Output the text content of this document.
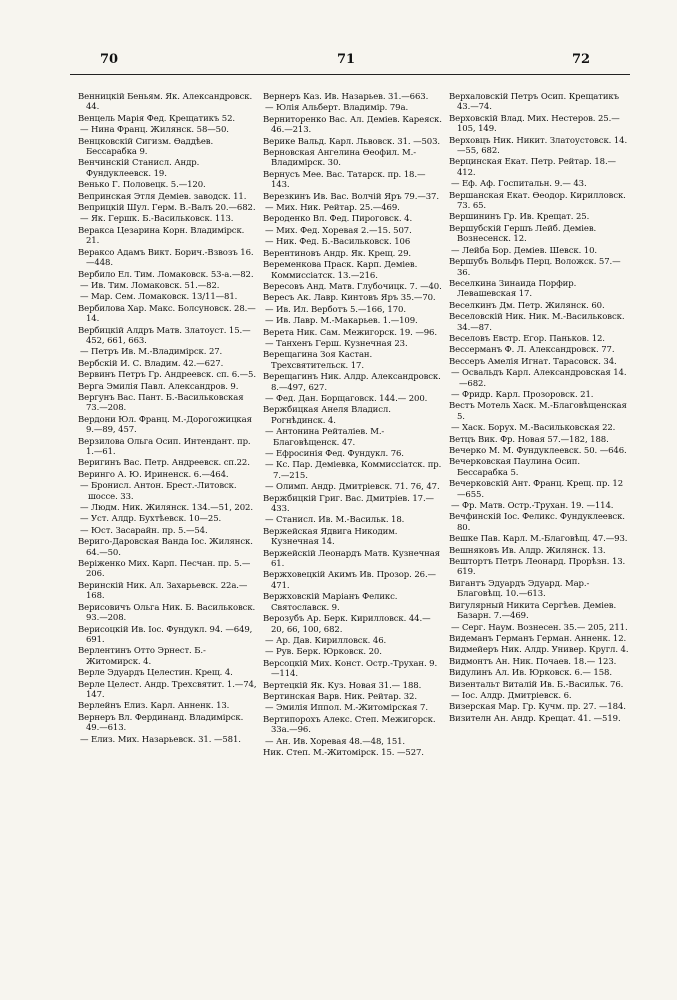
70	71	72
Венницкій Беньям. Як. Александровск. 44.
Венцель Марія Фед. Крещатикъ 52.
— Нина Франц. Жилянск. 58—50.
Венцковскій Сигизм. Ѳаддѣев. Бессарабка 9.
Венчинскій Станисл. Андр. Фундуклеевск. 19.
Венько Г. Половецк. 5.—120.
Вепринская Этля Деміев. заводск. 11.
Веприцкій Шул. Герм. В.-Валъ 20.—682.
— Як. Гершк. Б.-Васильковск. 113.
Верaкса Цезарина Корн. Владимірск. 21.
Вераксо Адамъ Викт. Борич.-Взвозъ 16.—448.
Вербило Ел. Тим. Ломаковск. 53-а.—82.
— Ив. Тим. Ломаковск. 51.—82.
— Мар. Сем. Ломаковск. 13/11—81.
Вербилова Хар. Макс. Болсуновск. 28.—14.
Вербицкій Алдръ Матв. Златоуст. 15.—452, 661, 663.
— Петръ Ив. М.-Владимірск. 27.
Вербскій И. С. Владим. 42.—627.
Вервинъ Петръ Гр. Андреевск. сп. 6.—5.
Верга Эмилія Павл. Александров. 9.
Вергунъ Вас. Пант. Б.-Васильковская 73.—208.
Вердони Юл. Франц. М.-Дорогожицкая 9.—89, 457.
Верзилова Ольга Осип. Интендант. пр. 1.—61.
Веригинъ Вас. Петр. Андреевск. сп.22.
Веринго А. Ю. Ириненск. 6.—464.
— Бронисл. Антон. Брест.-Литовск. шоссе. 33.
— Людм. Ник. Жилянск. 134.—51, 202.
— Уст. Алдр. Бухтѣевск. 10—25.
— Юст. Засарайн. пр. 5.—54.
Вериго-Даровская Ванда Іос. Жилянск. 64.—50.
Веріженко Мих. Карп. Песчан. пр. 5.—206.
Веринскій Ник. Ал. Захарьевск. 22а.—168.
Верисовичъ Ольга Ник. Б. Васильковск. 93.—208.
Верисоцкій Ив. Іос. Фундукл. 94. —649, 691.
Верлентинъ Отто Эрнест. Б.-Житомирск. 4.
Верле Эдуардъ Целестин. Крещ. 4.
Верле Целест. Андр. Трехсвятит. 1.—74, 147.
Верлейнъ Елиз. Карл. Анненк. 13.
Вернеръ Вл. Фердинанд. Владимірск. 49.—613.
— Елиз. Мих. Назарьевск. 31. —581.
Вернеръ Каз. Ив. Назарьев. 31.—663.
— Юлія Альберт. Владимір. 79а.
Верниторенко Вас. Ал. Деміев. Кареяск. 46.—213.
Верике Вальд. Карл. Львовск. 31. —503.
Верновская Ангелина Ѳеофил. М.-Владимірск. 30.
Вернусъ Мее. Вас. Татарск. пр. 18.—143.
Верезкинъ Ив. Вас. Волчій Яръ 79.—37.
— Мих. Ник. Рейтар. 25.—469.
Вероденко Вл. Фед. Пироговск. 4.
— Мих. Фед. Хоревая 2.—15. 507.
— Ник. Фед. Б.-Васильковск. 106
Верентиновъ Андр. Як. Крещ. 29.
Веременкова Праск. Карп. Деміев. Коммиссіатск. 13.—216.
Вересовъ Анд. Матв. Глубочицк. 7. —40.
Вересъ Ак. Лавр. Кинтовъ Яръ 35.—70.
— Ив. Ил. Верботъ 5.—166, 170.
— Ив. Лавр. М.-Макарьев. 1.—109.
Верета Ник. Сам. Межигорск. 19. —96.
— Танхенъ Герш. Кузнечная 23.
Верещагина Зоя Кастан. Трехсвятительск. 17.
Верещагинъ Ник. Алдр. Александровск. 8.—497, 627.
— Фед. Дан. Борщаговск. 144.— 200.
Вержбицкая Анеля Владисл. Рогнѣдинск. 4.
— Антонина Рейталіев. М.-Благовѣщенск. 47.
— Ефросинія Фед. Фундукл. 76.
— Кс. Пар. Деміевка, Коммиссіатск. пр. 7.—215.
— Олимп. Андр. Дмитріевск. 71. 76, 47.
Вержбицкій Григ. Вас. Дмитріев. 17.—433.
— Станисл. Ив. М.-Васильк. 18.
Вержейская Ядвига Никодим. Кузнечная 14.
Вержейскій Леонардъ Матв. Кузнечная 61.
Вержховецкій Акимъ Ив. Прозор. 26.—471.
Вержховскій Маріанъ Феликс. Святославск. 9.
Верозубъ Ар. Берк. Кирилловск. 44.—20, 66, 100, 682.
— Ар. Дав. Кирилловск. 46.
— Рув. Берк. Юрковск. 20.
Версоцкій Мих. Конст. Остр.-Трухан. 9.—114.
Вертецкій Як. Куз. Новая 31.— 188.
Вертинская Варв. Ник. Рейтар. 32.
— Эмилія Иппол. М.-Житомірская 7.
Вертипорохъ Алекс. Степ. Межигорск. 33а.—96.
— Ан. Ив. Хоревая 48.—48, 151.
Ник. Степ. М.-Житомірск. 15. —527.
Верхаловскій Петръ Осип. Крещатикъ 43.—74.
Верховскій Влад. Мих. Нестеров. 25.—105, 149.
Верховцъ Ник. Никит. Златоустовск. 14.—55, 682.
Верцинская Екат. Петр. Рейтар. 18.—412.
— Еф. Аф. Госпитальн. 9.— 43.
Вершанская Екат. Ѳеодор. Кирилловск. 73. 65.
Вершининъ Гр. Ив. Крещат. 25.
Вершубскій Гершъ Лейб. Деміев. Вознесенск. 12.
— Лейба Бор. Деміев. Шевск. 10.
Вершубъ Вольфъ Перц. Воложск. 57.—36.
Веселкина Зинаида Порфир. Левашевская 17.
Веселкинъ Дм. Петр. Жилянск. 60.
Веселовскій Ник. Ник. М.-Васильковск. 34.—87.
Веселовъ Евстр. Егор. Паньков. 12.
Вессерманъ Ф. Л. Александровск. 77.
Вессеръ Амелія Игнат. Тарасовск. 34.
— Освальдъ Карл. Александровская 14.—682.
— Фридр. Карл. Прозоровск. 21.
Вестъ Мотель Хаск. М.-Благовѣщенская 5.
— Хаск. Борух. М.-Васильковская 22.
Ветцъ Вик. Фр. Новая 57.—182, 188.
Вечерко М. М. Фундуклеевск. 50. —646.
Вечерковская Паулина Осип. Бессарабка 5.
Вечерковскій Ант. Франц. Крещ. пр. 12—655.
— Фр. Матв. Остр.-Трухан. 19. —114.
Вечфинскій Іос. Феликс. Фундуклеевск. 80.
Вешке Пав. Карл. М.-Благовѣщ. 47.—93.
Вешняковъ Ив. Алдр. Жилянск. 13.
Вештортъ Петръ Леонард. Прорѣзн. 13. 619.
Вигантъ Эдуардъ Эдуард. Мар.-Благовѣщ. 10.—613.
Вигулярный Никита Сергѣев. Деміев. Базарн. 7.—469.
— Серг. Наум. Вознесен. 35.— 205, 211.
Видеманъ Германъ Герман. Анненк. 12.
Видмейеръ Ник. Алдр. Универ. Кругл. 4.
Видмонтъ Ан. Ник. Почаев. 18.— 123.
Видулинъ Ал. Ив. Юрковск. 6.— 158.
Визентальт Виталій Ив. Б.-Васильк. 76.
— Іос. Алдр. Дмитріевск. 6.
Визерская Мар. Гр. Кучм. пр. 27. —184.
Визителн Ан. Андр. Крещат. 41. —519.
